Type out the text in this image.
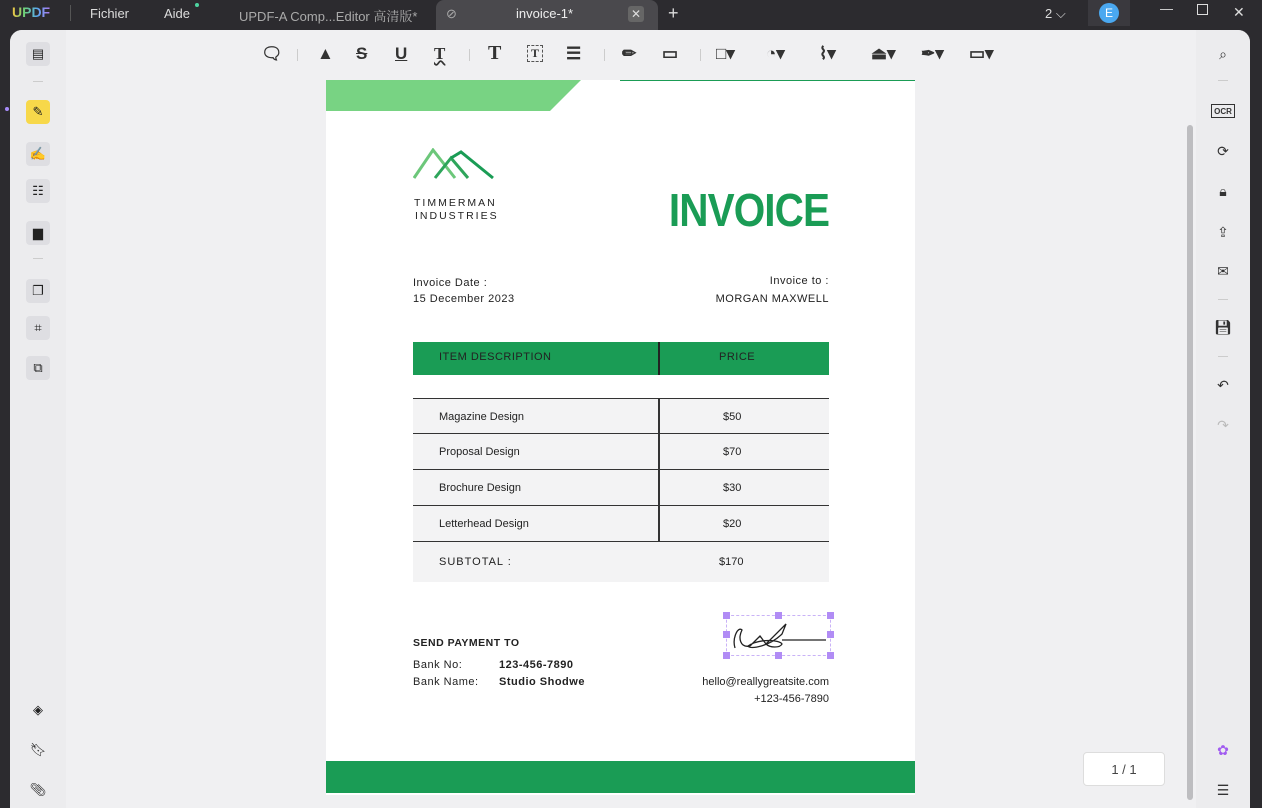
UPDF	Fichier	Aide	UPDF-A Comp...Editor 高清版* ⊘	invoice-1*	✕ +	2 ⌵	E	—	✕
▤
✎
✍
☷
▆
❐
⌗
⧉
◈
🔖︎
📎︎
🗨︎ ▲ S U T T	T ☰ ✏︎ ▭ □▾ ◔▾ ⌇▾ ⏏▾ ✒▾ ▭▾
TIMMERMAN
INDUSTRIES	INVOICE
Invoice Date :
15 December 2023
Invoice to :
MORGAN MAXWELL
ITEM DESCRIPTION	PRICE
Magazine Design	$50
Proposal Design	$70
Brochure Design	$30
Letterhead Design	$20
SUBTOTAL :	$170
SEND PAYMENT TO
Bank No:	123-456-7890
Bank Name: Studio Shodwe	hello@reallygreatsite.com
+123-456-7890
1 / 1
⌕
OCR
⟳
🔒︎
⇪
✉
💾︎
↶
↷
✿
☰
